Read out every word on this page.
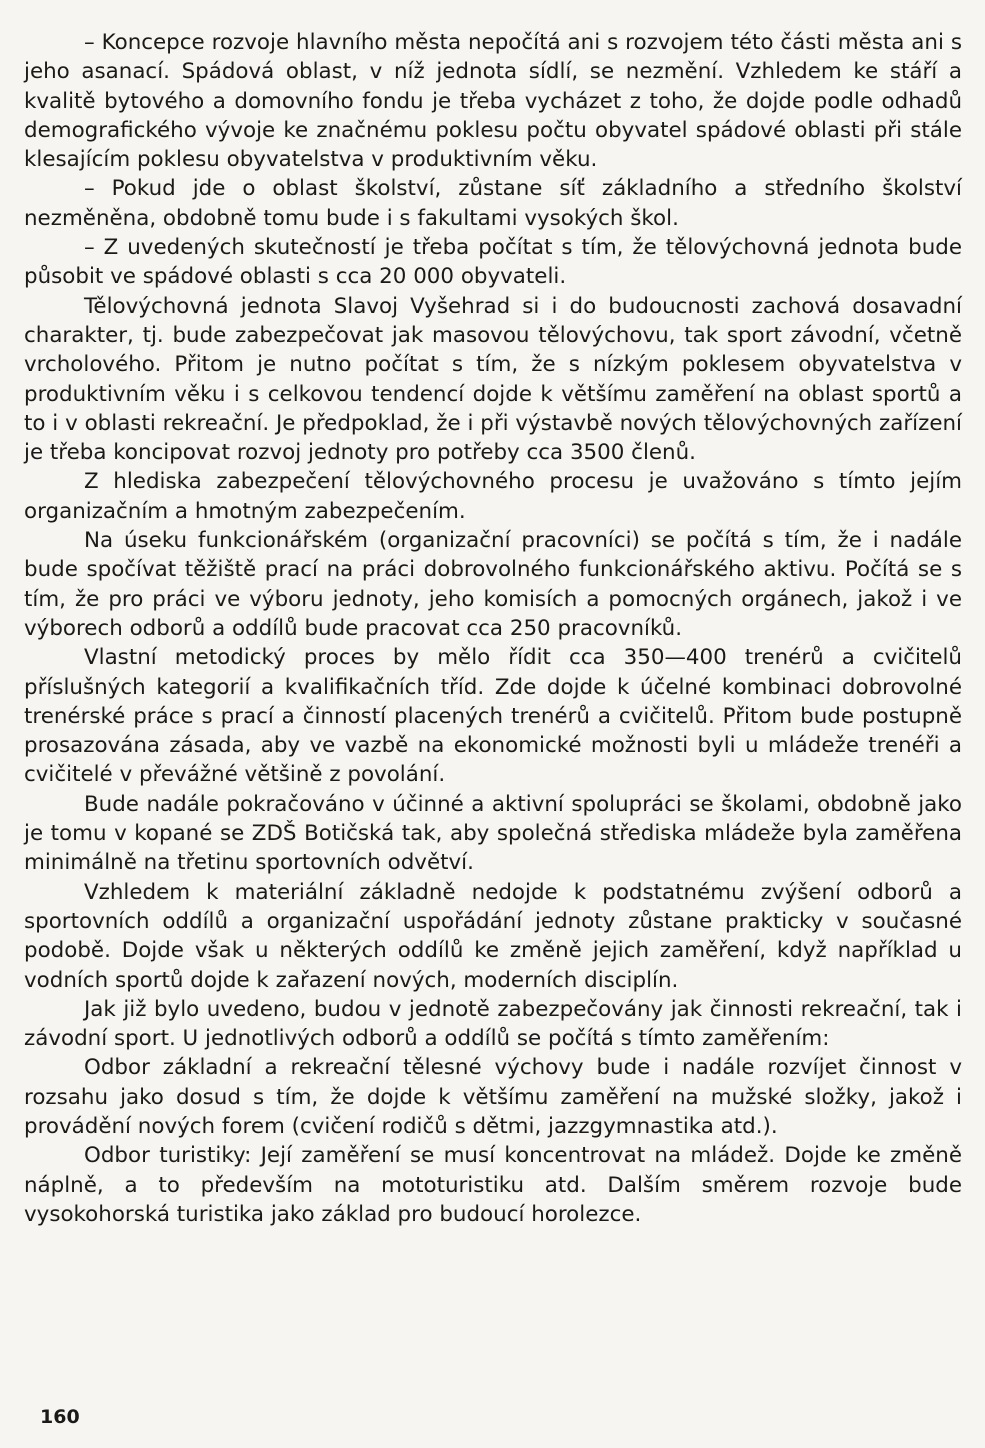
– Koncepce rozvoje hlavního města nepočítá ani s rozvojem této části města ani s jeho asanací. Spádová oblast, v níž jednota sídlí, se nezmění. Vzhledem ke stáří a kvalitě bytového a domovního fondu je třeba vycházet z toho, že dojde podle odhadů demografického vývoje ke značnému poklesu počtu obyvatel spádové oblasti při stále klesajícím poklesu obyvatelstva v produktivním věku.

– Pokud jde o oblast školství, zůstane síť základního a středního školství nezměněna, obdobně tomu bude i s fakultami vysokých škol.

– Z uvedených skutečností je třeba počítat s tím, že tělovýchovná jednota bude působit ve spádové oblasti s cca 20 000 obyvateli.

Tělovýchovná jednota Slavoj Vyšehrad si i do budoucnosti zachová dosavadní charakter, tj. bude zabezpečovat jak masovou tělovýchovu, tak sport závodní, včetně vrcholového. Přitom je nutno počítat s tím, že s nízkým poklesem obyvatelstva v produktivním věku i s celkovou tendencí dojde k většímu zaměření na oblast sportů a to i v oblasti rekreační. Je předpoklad, že i při výstavbě nových tělovýchovných zařízení je třeba koncipovat rozvoj jednoty pro potřeby cca 3500 členů.

Z hlediska zabezpečení tělovýchovného procesu je uvažováno s tímto jejím organizačním a hmotným zabezpečením.

Na úseku funkcionářském (organizační pracovníci) se počítá s tím, že i nadále bude spočívat těžiště prací na práci dobrovolného funkcionářského aktivu. Počítá se s tím, že pro práci ve výboru jednoty, jeho komisích a pomocných orgánech, jakož i ve výborech odborů a oddílů bude pracovat cca 250 pracovníků.

Vlastní metodický proces by mělo řídit cca 350—400 trenérů a cvičitelů příslušných kategorií a kvalifikačních tříd. Zde dojde k účelné kombinaci dobrovolné trenérské práce s prací a činností placených trenérů a cvičitelů. Přitom bude postupně prosazována zásada, aby ve vazbě na ekonomické možnosti byli u mládeže trenéři a cvičitelé v převážné většině z povolání.

Bude nadále pokračováno v účinné a aktivní spolupráci se školami, obdobně jako je tomu v kopané se ZDŠ Botičská tak, aby společná střediska mládeže byla zaměřena minimálně na třetinu sportovních odvětví.

Vzhledem k materiální základně nedojde k podstatnému zvýšení odborů a sportovních oddílů a organizační uspořádání jednoty zůstane prakticky v současné podobě. Dojde však u některých oddílů ke změně jejich zaměření, když například u vodních sportů dojde k zařazení nových, moderních disciplín.

Jak již bylo uvedeno, budou v jednotě zabezpečovány jak činnosti rekreační, tak i závodní sport. U jednotlivých odborů a oddílů se počítá s tímto zaměřením:

Odbor základní a rekreační tělesné výchovy bude i nadále rozvíjet činnost v rozsahu jako dosud s tím, že dojde k většímu zaměření na mužské složky, jakož i provádění nových forem (cvičení rodičů s dětmi, jazzgymnastika atd.).

Odbor turistiky: Její zaměření se musí koncentrovat na mládež. Dojde ke změně náplně, a to především na mototuristiku atd. Dalším směrem rozvoje bude vysokohorská turistika jako základ pro budoucí horolezce.

160
